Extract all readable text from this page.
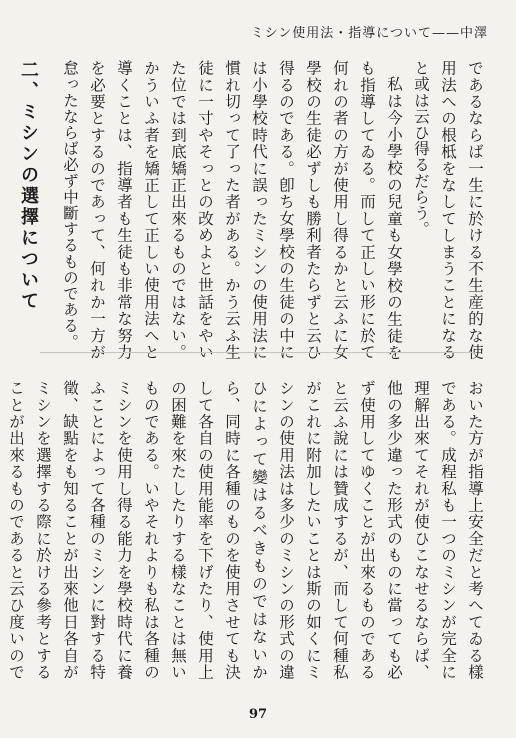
ミシン使用法・指導について——中澤

であるならば一生に於ける不生産的な使用法への根柢をなしてしまうことになると或は云ひ得るだらう。

私は今小學校の兒童も女學校の生徒をも指導してゐる。而して正しい形に於て何れの者の方が使用し得るかと云ふに女學校の生徒必ずしも勝利者たらずと云ひ得るのである。卽ち女學校の生徒の中には小學校時代に誤ったミシンの使用法に慣れ切って了った者がある。かう云ふ生徒に一寸やそっとの改めよと世話をやいた位では到底矯正出來るものではない。かういふ者を矯正して正しい使用法へと導くことは、指導者も生徒も非常な努力を必要とするのであって、何れか一方が怠ったならば必ず中斷するものである。

二、ミシンの選擇について

おいた方が指導上安全だと考へてゐる樣である。成程私も一つのミシンが完全に理解出來てそれが使ひこなせるならば、他の多少違った形式のものに當っても必ず使用してゆくことが出來るものであると云ふ說には贊成するが、而して何種私がこれに附加したいことは斯の如くにミシンの使用法は多少のミシンの形式の違ひによって變はるべきものではないから、同時に各種のものを使用させても決して各自の使用能率を下げたり、使用上の困難を來たしたりする樣なことは無いものである。いやそれよりも私は各種のミシンを使用し得る能力を學校時代に養ふことによって各種のミシンに對する特徵、缺點をも知ることが出來他日各自がミシンを選擇する際に於ける參考とすることが出來るものであると云ひ度いので

97
